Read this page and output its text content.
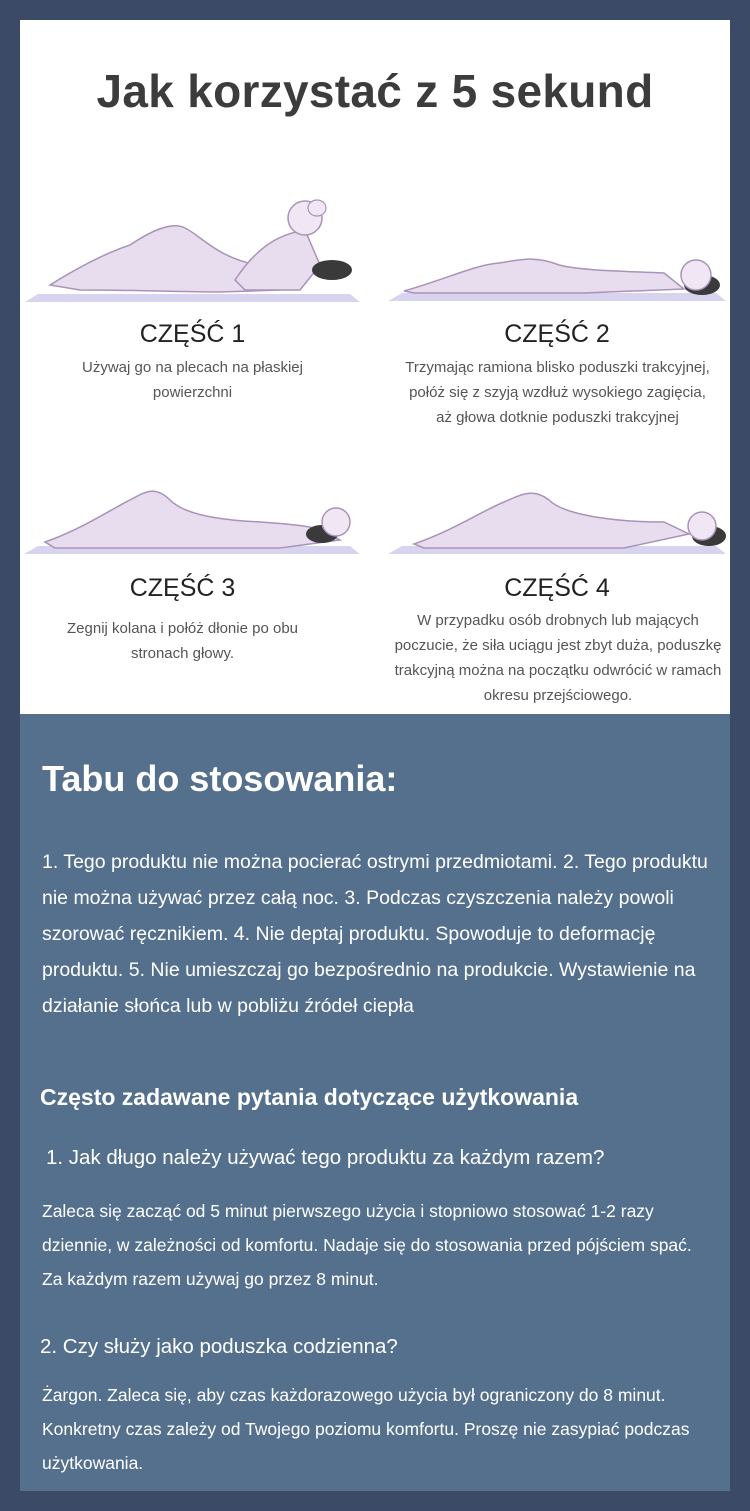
Jak korzystać z 5 sekund
CZĘŚĆ 1
Używaj go na plecach na płaskiej powierzchni
CZĘŚĆ 2
Trzymając ramiona blisko poduszki trakcyjnej, połóż się z szyją wzdłuż wysokiego zagięcia, aż głowa dotknie poduszki trakcyjnej
CZĘŚĆ 3
Zegnij kolana i połóż dłonie po obu stronach głowy.
CZĘŚĆ 4
W przypadku osób drobnych lub mających poczucie, że siła uciągu jest zbyt duża, poduszkę trakcyjną można na początku odwrócić w ramach okresu przejściowego.
Tabu do stosowania:
1. Tego produktu nie można pocierać ostrymi przedmiotami. 2. Tego produktu nie można używać przez całą noc. 3. Podczas czyszczenia należy powoli szorować ręcznikiem. 4. Nie deptaj produktu. Spowoduje to deformację produktu. 5. Nie umieszczaj go bezpośrednio na produkcie. Wystawienie na działanie słońca lub w pobliżu źródeł ciepła
Często zadawane pytania dotyczące użytkowania
1. Jak długo należy używać tego produktu za każdym razem?
Zaleca się zacząć od 5 minut pierwszego użycia i stopniowo stosować 1-2 razy dziennie, w zależności od komfortu. Nadaje się do stosowania przed pójściem spać. Za każdym razem używaj go przez 8 minut.
2. Czy służy jako poduszka codzienna?
Żargon. Zaleca się, aby czas każdorazowego użycia był ograniczony do 8 minut. Konkretny czas zależy od Twojego poziomu komfortu. Proszę nie zasypiać podczas użytkowania.
